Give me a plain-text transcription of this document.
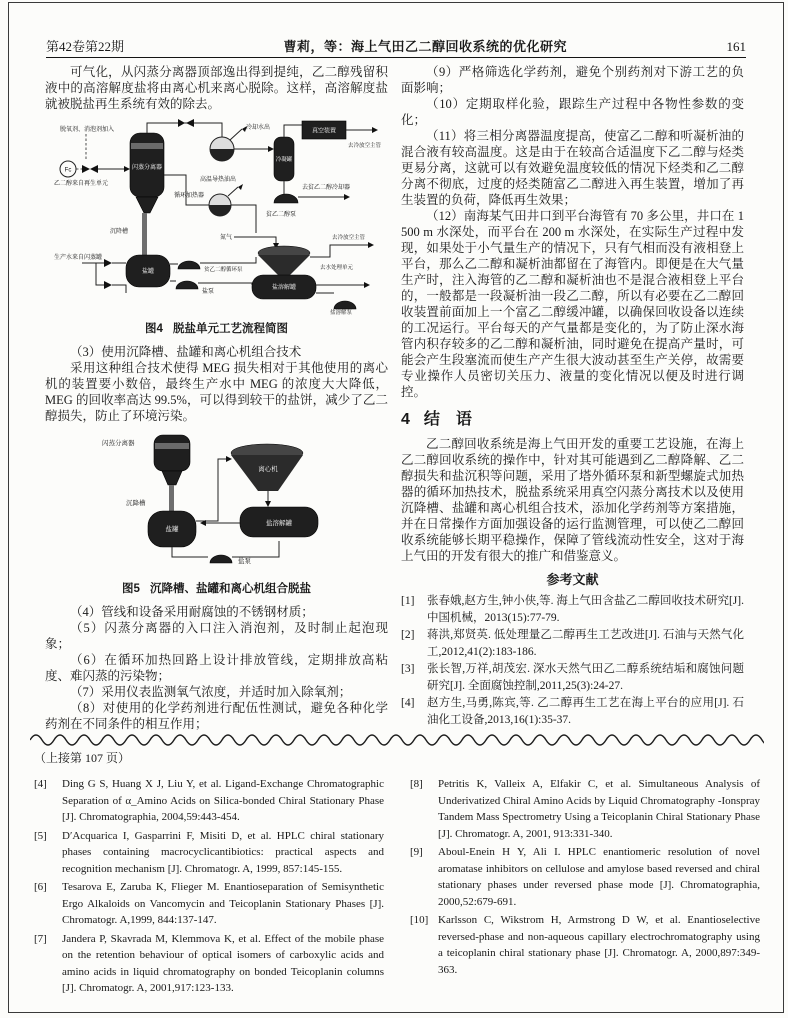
第42卷第22期	曹莉，等：海上气田乙二醇回收系统的优化研究	161

可气化，从闪蒸分离器顶部逸出得到提纯，乙二醇残留积液中的高溶解度盐将由离心机来离心脱除。这样，高溶解度盐就被脱盐再生系统有效的除去。

脱氧剂、消泡剂加入
Fc
乙二醇来自再生单元
闪蒸分离器
沉降槽
冷却水出
冷凝罐
真空装置
去冷放空主管
贫乙二醇泵
去贫乙二醇冷却器
循环加热器
高温导热油出
氮气	去冷放空主管
生产水来自闪蒸罐
盐罐	贫乙二醇循环泵
盐泵
盐溶解罐
去水处理单元
盐溶解泵
图4 脱盐单元工艺流程简图

（3）使用沉降槽、盐罐和离心机组合技术

采用这种组合技术使得 MEG 损失相对于其他使用的离心机的装置要小数倍，最终生产水中 MEG 的浓度大大降低，MEG 的回收率高达 99.5%，可以得到较干的盐饼，减少了乙二醇损失，防止了环境污染。

闪蒸分离器
沉降槽
盐罐
离心机
盐溶解罐
盐泵
图5 沉降槽、盐罐和离心机组合脱盐

（4）管线和设备采用耐腐蚀的不锈钢材质；

（5）闪蒸分离器的入口注入消泡剂，及时制止起泡现象；

（6）在循环加热回路上设计排放管线，定期排放高粘度、难闪蒸的污染物；

（7）采用仪表监测氧气浓度，并适时加入除氧剂；

（8）对使用的化学药剂进行配伍性测试，避免各种化学药剂在不同条件的相互作用；

（9）严格筛选化学药剂，避免个别药剂对下游工艺的负面影响；

（10）定期取样化验，跟踪生产过程中各物性参数的变化；

（11）将三相分离器温度提高，使富乙二醇和听凝析油的混合液有较高温度。这是由于在较高合适温度下乙二醇与烃类更易分离，这就可以有效避免温度较低的情况下烃类和乙二醇分离不彻底，过度的烃类随富乙二醇进入再生装置，增加了再生装置的负荷，降低再生效果；

（12）南海某气田井口到平台海管有 70 多公里，井口在 1 500 m 水深处，而平台在 200 m 水深处，在实际生产过程中发现，如果处于小气量生产的情况下，只有气相而没有液相登上平台，那么乙二醇和凝析油都留在了海管内。即便是在大气量生产时，注入海管的乙二醇和凝析油也不是混合液相登上平台的，一般都是一段凝析油一段乙二醇，所以有必要在乙二醇回收装置前面加上一个富乙二醇缓冲罐，以确保回收设备以连续的工况运行。平台每天的产气量都是变化的，为了防止深水海管内积存较多的乙二醇和凝析油，同时避免在提高产量时，可能会产生段塞流而使生产产生很大波动甚至生产关停，故需要专业操作人员密切关压力、液量的变化情况以便及时进行调控。

4 结　语

乙二醇回收系统是海上气田开发的重要工艺设施，在海上乙二醇回收系统的操作中，针对其可能遇到乙二醇降解、乙二醇损失和盐沉积等问题，采用了塔外循环泵和新型螺旋式加热器的循环加热技术，脱盐系统采用真空闪蒸分离技术以及使用沉降槽、盐罐和离心机组合技术，添加化学药剂等方案措施，并在日常操作方面加强设备的运行监测管理，可以使乙二醇回收系统能够长期平稳操作，保障了管线流动性安全，这对于海上气田的开发有很大的推广和借鉴意义。

参考文献
[1]	张春娥,赵方生,钟小侠,等. 海上气田含盐乙二醇回收技术研究[J]. 中国机械，2013(15):77-79.
[2]	蒋洪,郑贤英. 低处理量乙二醇再生工艺改进[J]. 石油与天然气化工,2012,41(2):183-186.
[3]	张长智,万祥,胡茂宏. 深水天然气田乙二醇系统结垢和腐蚀问题研究[J]. 全面腐蚀控制,2011,25(3):24-27.
[4]	赵方生,马勇,陈宾,等. 乙二醇再生工艺在海上平台的应用[J]. 石油化工设备,2013,16(1):35-37.
（上接第 107 页）
[4]	Ding G S, Huang X J, Liu Y, et al. Ligand-Exchange Chromatographic Separation of α_Amino Acids on Silica-bonded Chiral Stationary Phase [J]. Chromatographia, 2004,59:443-454.
[5]	D′Acquarica I, Gasparrini F, Misiti D, et al. HPLC chiral stationary phases containing macrocyclicantibiotics: practical aspects and recognition mechanism [J]. Chromatogr. A, 1999, 857:145-155.
[6]	Tesarova E, Zaruba K, Flieger M. Enantioseparation of Semisynthetic Ergo Alkaloids on Vancomycin and Teicoplanin Stationary Phases [J]. Chromatogr. A,1999, 844:137-147.
[7]	Jandera P, Skavrada M, Klemmova K, et al. Effect of the mobile phase on the retention behaviour of optical isomers of carboxylic acids and amino acids in liquid chromatography on bonded Teicoplanin columns [J]. Chromatogr. A, 2001,917:123-133.
[8]	Petritis K, Valleix A, Elfakir C, et al. Simultaneous Analysis of Underivatized Chiral Amino Acids by Liquid Chromatography -Ionspray Tandem Mass Spectrometry Using a Teicoplanin Chiral Stationary Phase [J]. Chromatogr. A, 2001, 913:331-340.
[9]	Aboul-Enein H Y, Ali I. HPLC enantiomeric resolution of novel aromatase inhibitors on cellulose and amylose based reversed and chiral stationary phases under reversed phase mode [J]. Chromatographia, 2000,52:679-691.
[10] Karlsson C, Wikstrom H, Armstrong D W, et al. Enantioselective reversed-phase and non-aqueous capillary electrochromatography using a teicoplanin chiral stationary phase [J]. Chromatogr. A, 2000,897:349-363.
